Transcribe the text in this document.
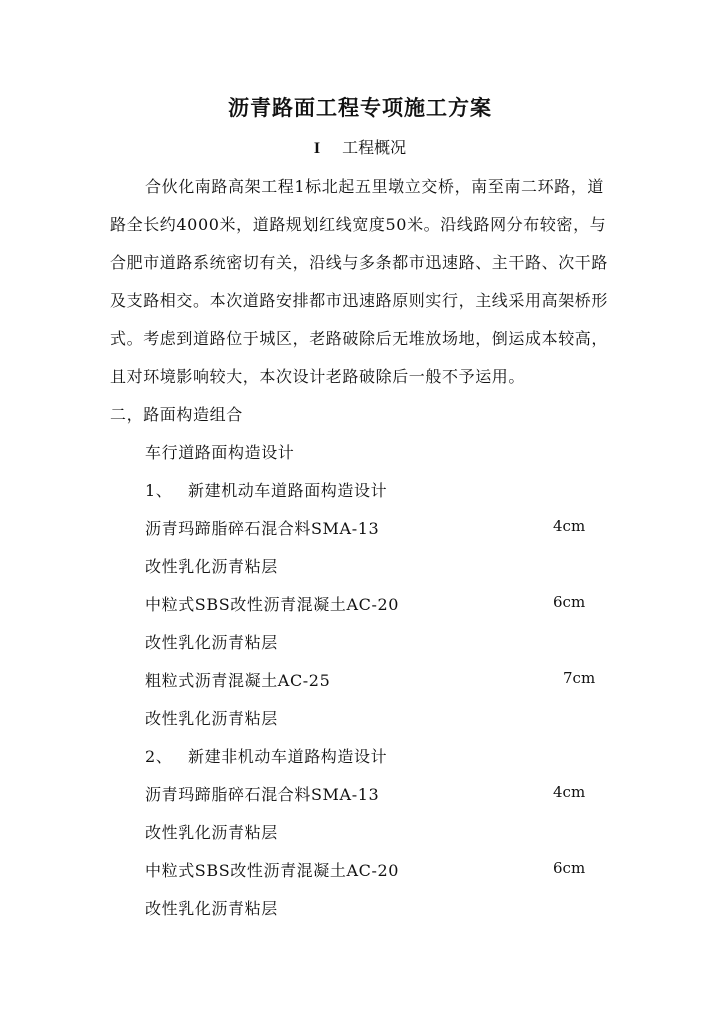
沥青路面工程专项施工方案
I 工程概况
合伙化南路高架工程1标北起五里墩立交桥，南至南二环路，道
路全长约4000米，道路规划红线宽度50米。沿线路网分布较密，与
合肥市道路系统密切有关，沿线与多条都市迅速路、主干路、次干路
及支路相交。本次道路安排都市迅速路原则实行，主线采用高架桥形
式。考虑到道路位于城区，老路破除后无堆放场地，倒运成本较高，
且对环境影响较大，本次设计老路破除后一般不予运用。
二，路面构造组合
车行道路面构造设计
1、 新建机动车道路面构造设计
沥青玛蹄脂碎石混合料SMA-13	4cm
改性乳化沥青粘层
中粒式SBS改性沥青混凝土AC-20	6cm
改性乳化沥青粘层
粗粒式沥青混凝土AC-25	7cm
改性乳化沥青粘层
2、 新建非机动车道路构造设计
沥青玛蹄脂碎石混合料SMA-13	4cm
改性乳化沥青粘层
中粒式SBS改性沥青混凝土AC-20	6cm
改性乳化沥青粘层
